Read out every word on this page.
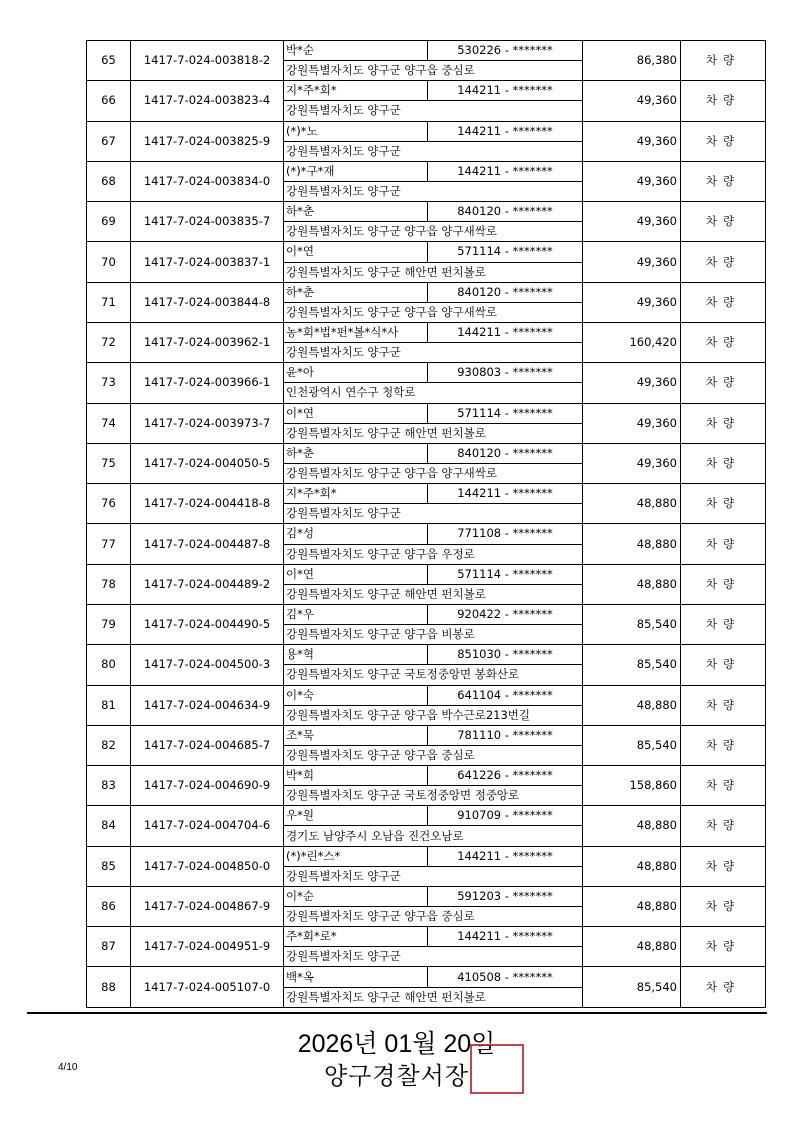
65	1417-7-024-003818-2	박*순	530226 - *******	86,380	차량
		강원특별자치도 양구군 양구읍 중심로			
66	1417-7-024-003823-4	지*주*회*	144211 - *******	49,360	차량
		강원특별자치도 양구군			
67	1417-7-024-003825-9	(*)*노	144211 - *******	49,360	차량
		강원특별자치도 양구군			
68	1417-7-024-003834-0	(*)*구*재	144211 - *******	49,360	차량
		강원특별자치도 양구군			
69	1417-7-024-003835-7	하*춘	840120 - *******	49,360	차량
		강원특별자치도 양구군 양구읍 양구새싹로			
70	1417-7-024-003837-1	이*연	571114 - *******	49,360	차량
		강원특별자치도 양구군 해안면 펀치볼로			
71	1417-7-024-003844-8	하*춘	840120 - *******	49,360	차량
		강원특별자치도 양구군 양구읍 양구새싹로			
72	1417-7-024-003962-1	농*회*법*펀*볼*식*사	144211 - *******	160,420	차량
		강원특별자치도 양구군			
73	1417-7-024-003966-1	윤*아	930803 - *******	49,360	차량
		인천광역시 연수구 청학로			
74	1417-7-024-003973-7	이*연	571114 - *******	49,360	차량
		강원특별자치도 양구군 해안면 펀치볼로			
75	1417-7-024-004050-5	하*춘	840120 - *******	49,360	차량
		강원특별자치도 양구군 양구읍 양구새싹로			
76	1417-7-024-004418-8	지*주*회*	144211 - *******	48,880	차량
		강원특별자치도 양구군			
77	1417-7-024-004487-8	김*성	771108 - *******	48,880	차량
		강원특별자치도 양구군 양구읍 우정로			
78	1417-7-024-004489-2	이*연	571114 - *******	48,880	차량
		강원특별자치도 양구군 해안면 펀치볼로			
79	1417-7-024-004490-5	김*우	920422 - *******	85,540	차량
		강원특별자치도 양구군 양구읍 비봉로			
80	1417-7-024-004500-3	용*혁	851030 - *******	85,540	차량
		강원특별자치도 양구군 국토정중앙면 봉화산로			
81	1417-7-024-004634-9	이*숙	641104 - *******	48,880	차량
		강원특별자치도 양구군 양구읍 박수근로213번길			
82	1417-7-024-004685-7	조*묵	781110 - *******	85,540	차량
		강원특별자치도 양구군 양구읍 중심로			
83	1417-7-024-004690-9	박*희	641226 - *******	158,860	차량
		강원특별자치도 양구군 국토정중앙면 정중앙로			
84	1417-7-024-004704-6	우*원	910709 - *******	48,880	차량
		경기도 남양주시 오남읍 진건오남로			
85	1417-7-024-004850-0	(*)*린*스*	144211 - *******	48,880	차량
		강원특별자치도 양구군			
86	1417-7-024-004867-9	이*순	591203 - *******	48,880	차량
		강원특별자치도 양구군 양구읍 중심로			
87	1417-7-024-004951-9	주*회*로*	144211 - *******	48,880	차량
		강원특별자치도 양구군			
88	1417-7-024-005107-0	백*옥	410508 - *******	85,540	차량
		강원특별자치도 양구군 해안면 펀치볼로			
2026년 01월 20일
양구경찰서장
4/10
